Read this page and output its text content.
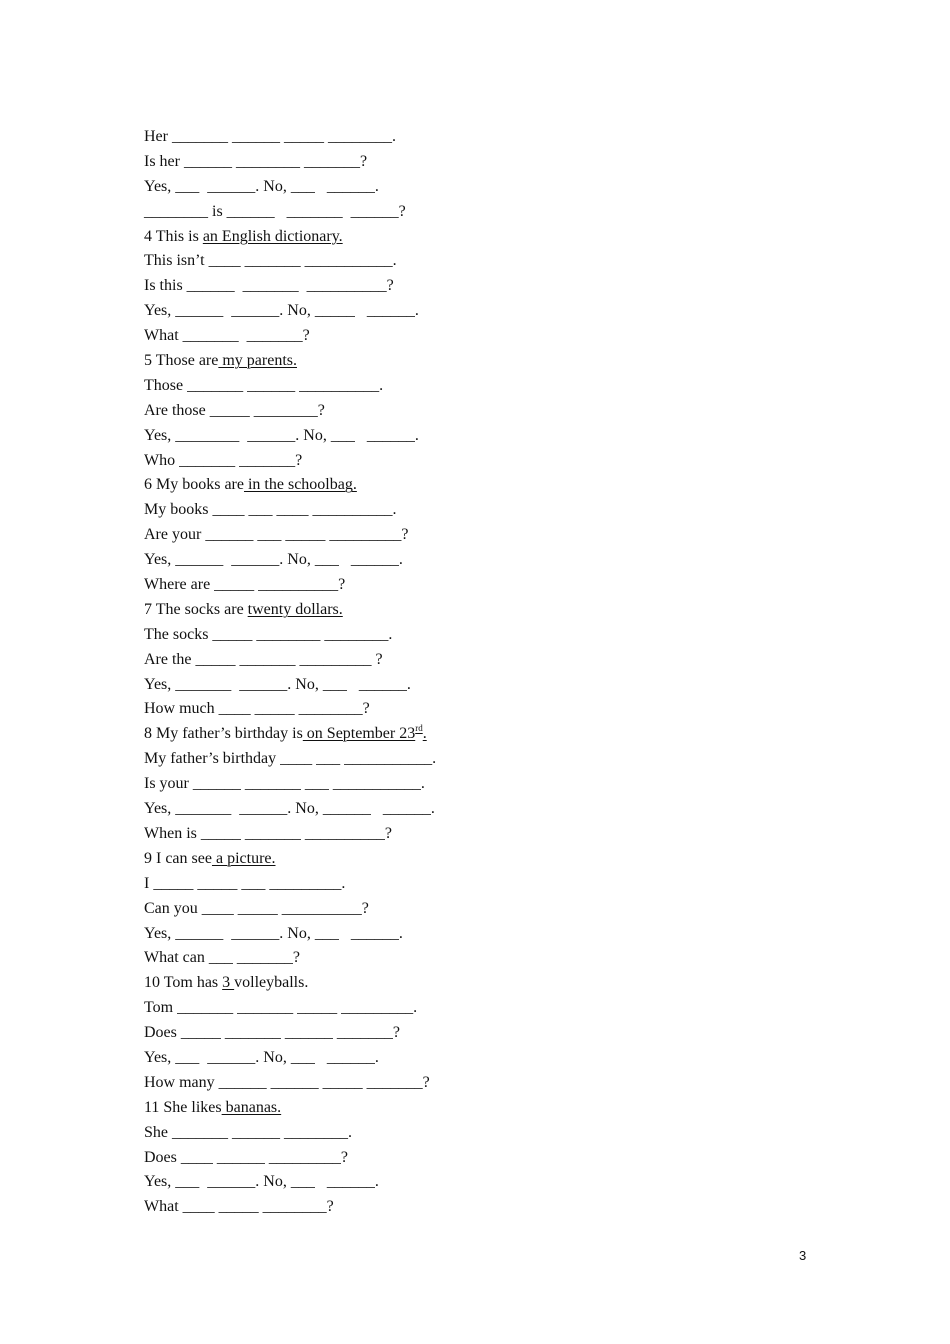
Her _______ ______ _____ ________.
Is her ______ ________ _______?
Yes, ___  ______. No, ___   ______.
________ is ______   _______  ______?
4 This is an English dictionary.
This isn’t ____ _______ ___________.
Is this ______  _______  __________?
Yes, ______  ______. No, _____   ______.
What _______  _______?
5 Those are my parents.
Those _______ ______ __________.
Are those _____ ________?
Yes, ________  ______. No, ___   ______.
Who _______ _______?
6 My books are in the schoolbag.
My books ____ ___ ____ __________.
Are your ______ ___ _____ _________?
Yes, ______  ______. No, ___   ______.
Where are _____ __________?
7 The socks are twenty dollars.
The socks _____ ________ ________.
Are the _____ _______ _________ ?
Yes, _______  ______. No, ___   ______.
How much ____ _____ ________?
8 My father’s birthday is on September 23rd.
My father’s birthday ____ ___ ___________.
Is your ______ _______ ___ ___________.
Yes, _______  ______. No, ______   ______.
When is _____ _______ __________?
9 I can see a picture.
I _____ _____ ___ _________.
Can you ____ _____ __________?
Yes, ______  ______. No, ___   ______.
What can ___ _______?
10 Tom has 3 volleyballs.
Tom _______ _______ _____ _________.
Does _____ _______ ______ _______?
Yes, ___  ______. No, ___   ______.
How many ______ ______ _____ _______?
11 She likes bananas.
She _______ ______ ________.
Does ____ ______ _________?
Yes, ___  ______. No, ___   ______.
What ____ _____ ________?
3
